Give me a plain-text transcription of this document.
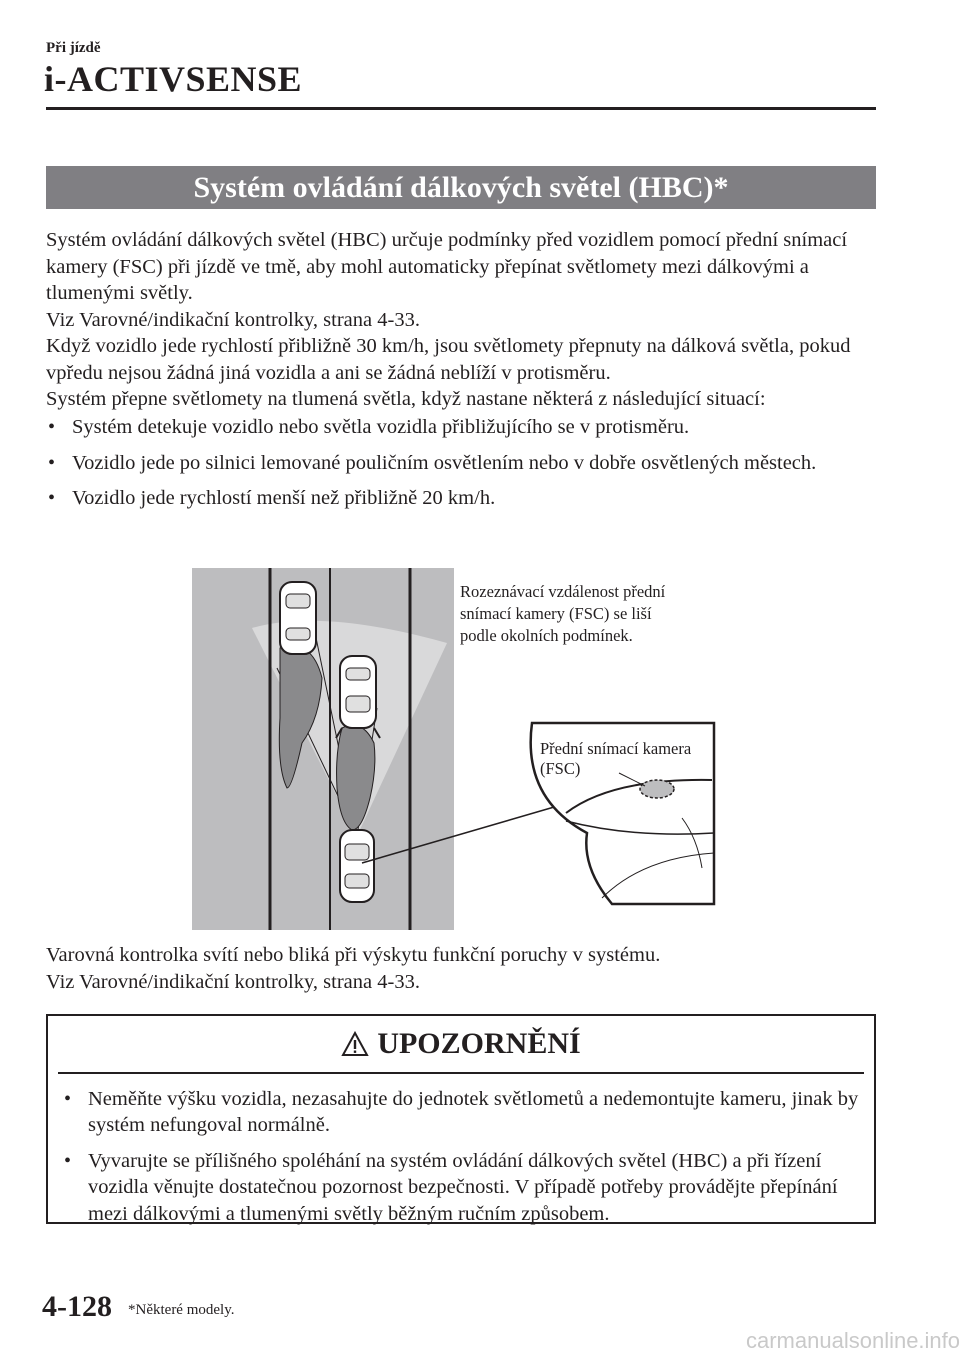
Při jízdě
i-ACTIVSENSE
Systém ovládání dálkových světel (HBC)*

Systém ovládání dálkových světel (HBC) určuje podmínky před vozidlem pomocí přední snímací kamery (FSC) při jízdě ve tmě, aby mohl automaticky přepínat světlomety mezi dálkovými a tlumenými světly.

Viz Varovné/indikační kontrolky, strana 4-33.

Když vozidlo jede rychlostí přibližně 30 km/h, jsou světlomety přepnuty na dálková světla, pokud vpředu nejsou žádná jiná vozidla a ani se žádná neblíží v protisměru.

Systém přepne světlomety na tlumená světla, když nastane některá z následující situací:

• Systém detekuje vozidlo nebo světla vozidla přibližujícího se v protisměru.
• Vozidlo jede po silnici lemované pouličním osvětlením nebo v dobře osvětlených městech.
• Vozidlo jede rychlostí menší než přibližně 20 km/h.
Rozeznávací vzdálenost přední
snímací kamery (FSC) se liší
podle okolních podmínek.
Přední snímací kamera
(FSC)

Varovná kontrolka svítí nebo bliká při výskytu funkční poruchy v systému.

Viz Varovné/indikační kontrolky, strana 4-33.

UPOZORNĚNÍ
• Neměňte výšku vozidla, nezasahujte do jednotek světlometů a nedemontujte kameru, jinak by systém nefungoval normálně.
• Vyvarujte se přílišného spoléhání na systém ovládání dálkových světel (HBC) a při řízení vozidla věnujte dostatečnou pozornost bezpečnosti. V případě potřeby provádějte přepínání mezi dálkovými a tlumenými světly běžným ručním způsobem.
4-128 *Některé modely.
carmanualsonline.info
